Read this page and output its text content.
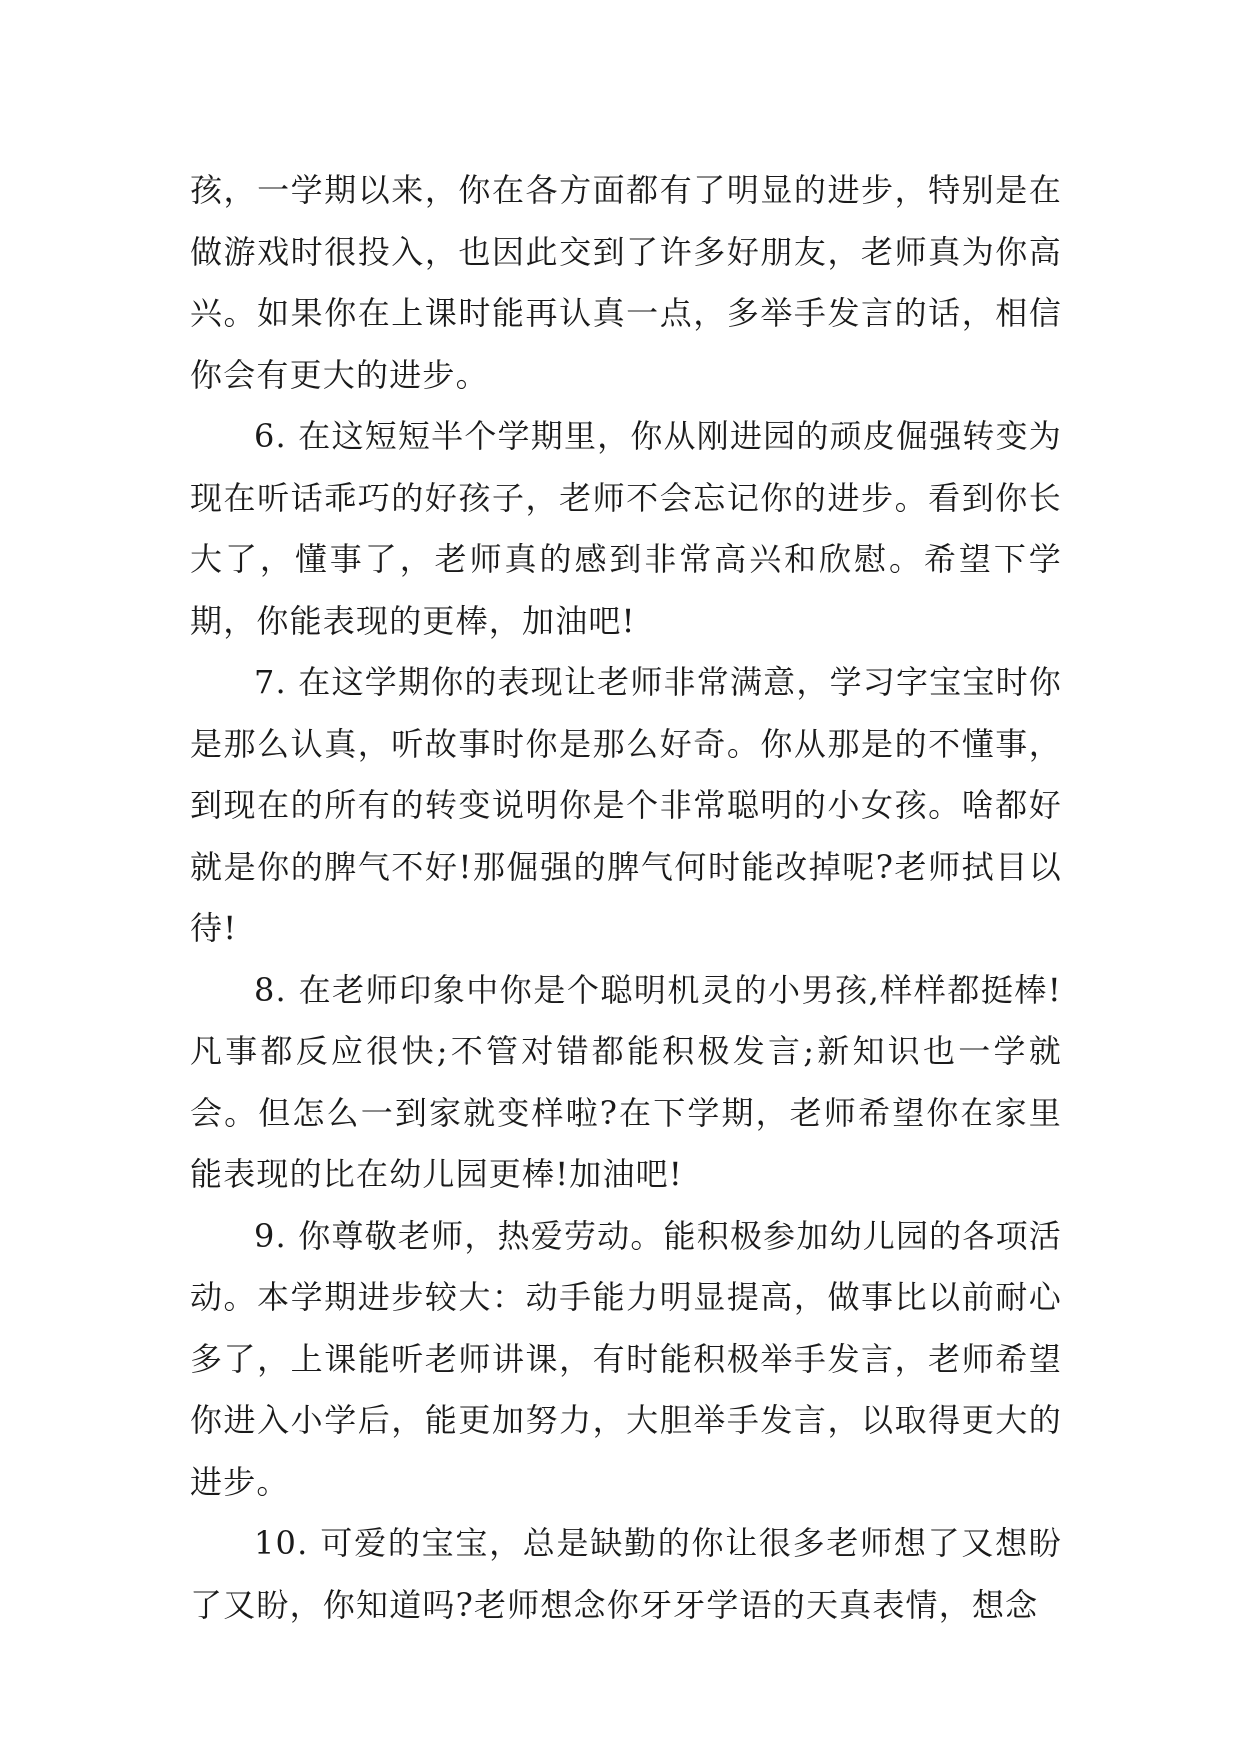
孩，一学期以来，你在各方面都有了明显的进步，特别是在做游戏时很投入，也因此交到了许多好朋友，老师真为你高兴。如果你在上课时能再认真一点，多举手发言的话，相信你会有更大的进步。

6. 在这短短半个学期里，你从刚进园的顽皮倔强转变为现在听话乖巧的好孩子，老师不会忘记你的进步。看到你长大了，懂事了，老师真的感到非常高兴和欣慰。希望下学期，你能表现的更棒，加油吧!

7. 在这学期你的表现让老师非常满意，学习字宝宝时你是那么认真，听故事时你是那么好奇。你从那是的不懂事，到现在的所有的转变说明你是个非常聪明的小女孩。啥都好就是你的脾气不好!那倔强的脾气何时能改掉呢?老师拭目以待!

8. 在老师印象中你是个聪明机灵的小男孩,样样都挺棒!凡事都反应很快;不管对错都能积极发言;新知识也一学就会。但怎么一到家就变样啦?在下学期，老师希望你在家里能表现的比在幼儿园更棒!加油吧!

9. 你尊敬老师，热爱劳动。能积极参加幼儿园的各项活动。本学期进步较大：动手能力明显提高，做事比以前耐心多了，上课能听老师讲课，有时能积极举手发言，老师希望你进入小学后，能更加努力，大胆举手发言，以取得更大的进步。

10. 可爱的宝宝，总是缺勤的你让很多老师想了又想盼了又盼，你知道吗?老师想念你牙牙学语的天真表情，想念
